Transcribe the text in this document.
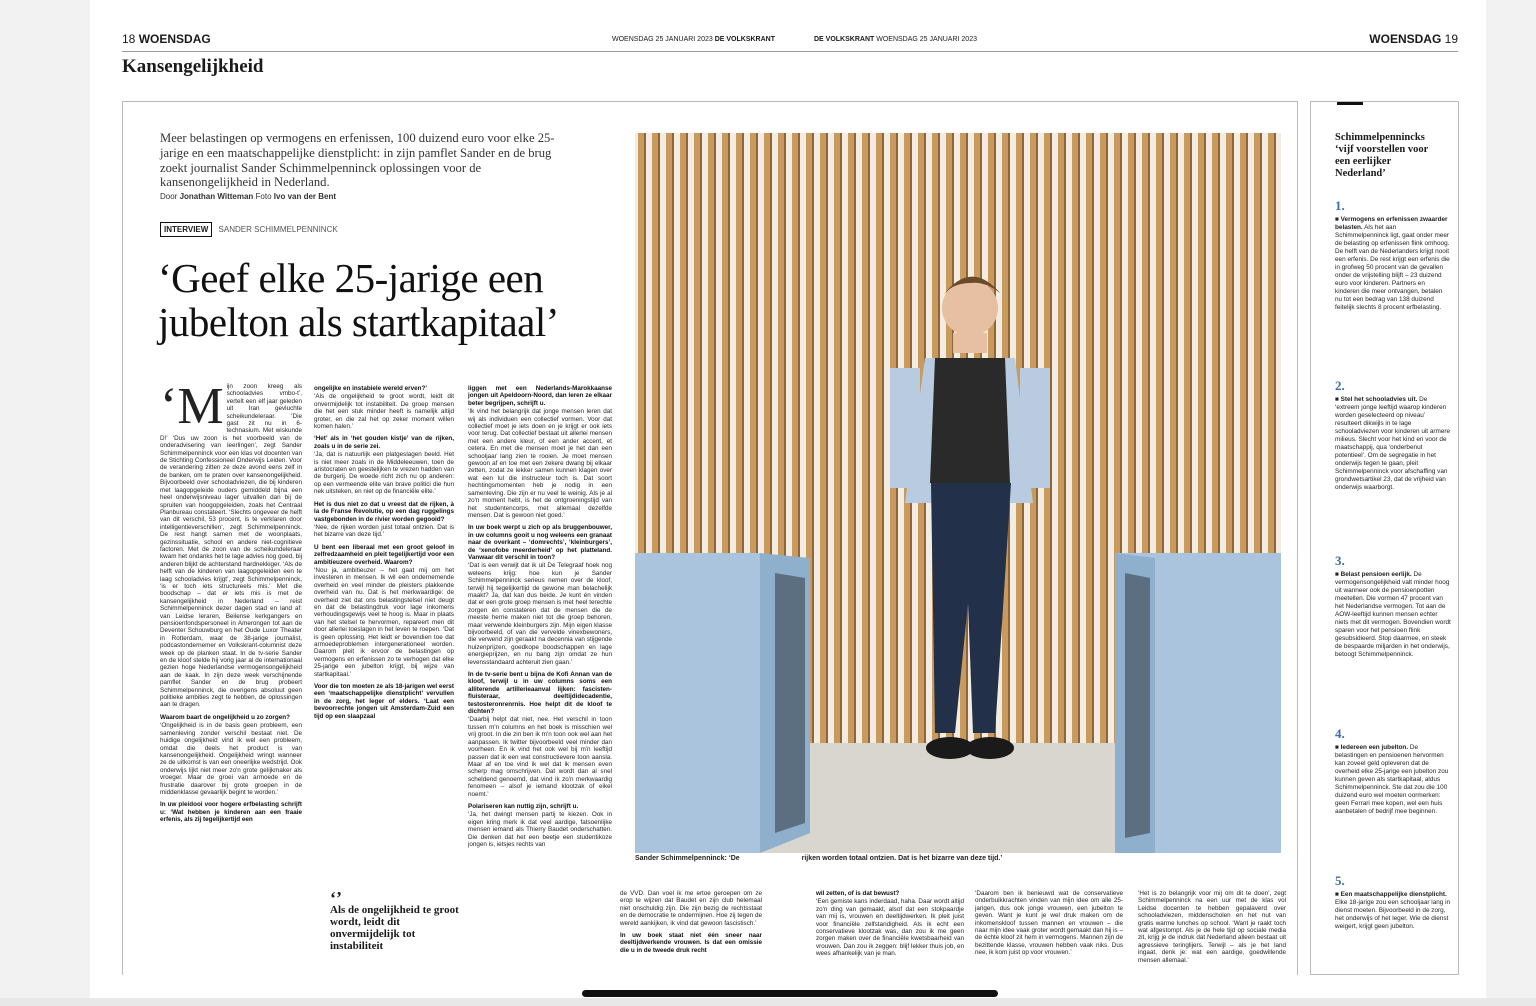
18 WOENSDAG	WOENSDAG 25 JANUARI 2023 DE VOLKSKRANT	DE VOLKSKRANT WOENSDAG 25 JANUARI 2023	WOENSDAG 19
Kansengelijkheid
Meer belastingen op vermogens en erfenissen, 100 duizend euro voor elke 25-jarige en een maatschappelijke dienstplicht: in zijn pamflet Sander en de brug zoekt journalist Sander Schimmelpenninck oplossingen voor de kansenongelijkheid in Nederland.
Door Jonathan Witteman Foto Ivo van der Bent
INTERVIEW SANDER SCHIMMELPENNINCK
‘Geef elke 25-jarige een jubelton als startkapitaal’
‘M ijn zoon kreeg als schooladvies vmbo-t’, vertelt een elf jaar geleden uit Iran gevluchte scheikundeleraar. ‘Die gast zit nu in 6-technasium. Met wiskunde D!’ ‘Dus uw zoon is het voorbeeld van de onderadvisering van leerlingen’, zegt Sander Schimmelpenninck voor een klas vol docenten van de Stichting Confessioneel Onderwijs Leiden. Voor de verandering zitten ze deze avond eens zelf in de banken, om te praten over kansenongelijkheid. Bijvoorbeeld over schooladviezen, die bij kinderen met laagopgeleide ouders gemiddeld bijna een heel onderwijsniveau lager uitvallen dan bij de spruiten van hoogopgeleiden, zoals het Centraal Planbureau constateert. ‘Slechts ongeveer de helft van dit verschil, 53 procent, is te verklaren door intelligentieverschillen’, zegt Schimmelpenninck. De rest hangt samen met de woonplaats, gezinssituatie, school en andere niet-cognitieve factoren. Met de zoon van de scheikundeleraar kwam het ondanks het te lage advies nog goed, bij anderen blijkt de achterstand hardnekkiger. ‘Als de helft van de kinderen van laagopgeleiden een te laag schooladvies krijgt’, zegt Schimmelpenninck, ‘is er toch iets structureels mis.’ Met die boodschap – dat er iets mis is met de kansengelijkheid in Nederland – reist Schimmelpenninck dezer dagen stad en land af: van Leidse leraren, Beilense kerkgangers en pensioenfondspersoneel in Amerongen tot aan de Deventer Schouwburg en het Oude Luxor Theater in Rotterdam, waar de 38-jarige journalist, podcastondernemer en Volkskrant-columnist deze week op de planken staat. In de tv-serie Sander en de kloof stelde hij vorig jaar al de internationaal gezien hoge Nederlandse vermogensongelijkheid aan de kaak. In zijn deze week verschijnende pamflet Sander en de brug probeert Schimmelpenninck, die overigens absoluut geen politieke ambities zegt te hebben, de oplossingen aan te dragen.

Waarom baart de ongelijkheid u zo zorgen?

‘Ongelijkheid is in de basis geen probleem, een samenleving zonder verschil bestaat niet. De huidige ongelijkheid vind ik wel een probleem, omdat die deels het product is van kansenongelijkheid. Ongelijkheid wringt wanneer ze de uitkomst is van een oneerlijke wedstrijd. Ook onderwijs lijkt niet meer zo'n grote gelijkmaker als vroeger. Maar de groei van armoede en de frustratie daarover bij grote groepen in de middenklasse gevaarlijk begint te worden.’

In uw pleidooi voor hogere erfbelasting schrijft u: ‘Wat hebben je kinderen aan een fraaie erfenis, als zij tegelijkertijd een

ongelijke en instabiele wereld erven?’

‘Als de ongelijkheid te groot wordt, leidt dit onvermijdelijk tot instabiliteit. De groep mensen die het een stuk minder heeft is namelijk altijd groter, en die zal het op zeker moment willen komen halen.’

‘Het’ als in ‘het gouden kistje’ van de rijken, zoals u in de serie zei.

‘Ja, dat is natuurlijk een platgeslagen beeld. Het is niet meer zoals in de Middeleeuwen, toen de aristocraten en geestelijken te vrezen hadden van de burgerij. De woede richt zich nu op anderen: op een vermeende elite van brave politici die hun nek uitsteken, en niet op de financiële elite.’

Het is dus niet zo dat u vreest dat de rijken, à la de Franse Revolutie, op een dag ruggelings vastgebonden in de rivier worden gegooid?

‘Nee, de rijken worden juist totaal ontzien. Dat is het bizarre van deze tijd.’

U bent een liberaal met een groot geloof in zelfredzaamheid en pleit tegelijkertijd voor een ambitieuzere overheid. Waarom?

‘Nou ja, ambitieuzer – het gaat mij om het investeren in mensen. Ik wil een ondernemende overheid en veel minder de pleisters plakkende overheid van nu. Dat is het merkwaardige: de overheid ziet dat ons belastingstelsel niet deugt en dat de belastingdruk voor lage inkomens verhoudingsgewijs veel te hoog is. Maar in plaats van het stelsel te hervormen, repareert men dit door allerlei toeslagen in het leven te roepen. ‘Dat is geen oplossing. Het leidt er bovendien toe dat armoedeproblemen intergenerationeel worden. Daarom pleit ik ervoor de belastingen op vermogens en erfenissen zo te verhogen dat elke 25-jarige een jubelton krijgt, bij wijze van startkapitaal.’

Voor die ton moeten ze als 18-jarigen wel eerst een ‘maatschappelijke dienstplicht’ vervullen in de zorg, het leger of elders. ‘Laat een bevoorrechte jongen uit Amsterdam-Zuid een tijd op een slaapzaal

‘’
Als de ongelijkheid te groot wordt, leidt dit onvermijdelijk tot instabiliteit

liggen met een Nederlands-Marokkaanse jongen uit Apeldoorn-Noord, dan leren ze elkaar beter begrijpen, schrijft u.

‘Ik vind het belangrijk dat jonge mensen leren dat wij als individuen een collectief vormen. Voor dat collectief moet je iets doen en je krijgt er ook iets voor terug. Dat collectief bestaat uit allerlei mensen met een andere kleur, of een ander accent, et cetera. En met die mensen moet je het dan een schooljaar lang zien te rooien. Je moet mensen gewoon af en toe met een zekere dwang bij elkaar zetten, zodat ze lekker samen kunnen klagen over wat een lul die instructeur toch is. Dat soort hechtingsmomenten heb je nodig in een samenleving. Die zijn er nu veel te weinig. Als je al zo'n moment hebt, is het de ontgroeningstijd van het studentencorps, met allemaal dezelfde mensen. Dat is gewoon niet goed.’

In uw boek werpt u zich op als bruggenbouwer, in uw columns gooit u nog weleens een granaat naar de overkant – ‘domrechts’, ‘kleinburgers’, de ‘xenofobe meerderheid’ op het platteland. Vanwaar dit verschil in toon?

‘Dat is een verwijt dat ik uit De Telegraaf hoek nog weleens krijg: hoe kun je Sander Schimmelpenninck serieus nemen over de kloof, terwijl hij tegelijkertijd de gewone man belachelijk maakt? Ja, dat kan dus beide. Je kunt én vinden dat er een grote groep mensen is met heel terechte zorgen én constateren dat de mensen die de meeste herrie maken niet tot die groep behoren, maar verwende kleinburgers zijn. Mijn eigen klasse bijvoorbeeld, of van die vervelde vinexbewoners, die verwend zijn geraakt na decennia van stijgende huizenprijzen, goedkope boodschappen en lage energieprijzen, en nu bang zijn omdat ze hun levensstandaard achteruit zien gaan.’

In de tv-serie bent u bijna de Kofi Annan van de kloof, terwijl u in uw columns soms een alliterende artillerieaanval lijken: fascisten-fluisteraar, deeltijdidecadentie, testosteronrenrnis. Hoe helpt dit de kloof te dichten?

‘Daarbij helpt dat niet, nee. Het verschil in toon tussen m'n columns en het boek is misschien wel vrij groot. In die zin ben ik m'n toon ook wel aan het aanpassen. Ik twitter bijvoorbeeld veel minder dan voorheen. En ik vind het ook wel bij m'n leeftijd passen dat ik een wat constructievere toon aansla. Maar af en toe vind ik wel dat ik mensen even scherp mag omschrijven. Dat wordt dan al snel scheldend genoemd, dat vind ik zo'n merkwaardig fenomeen – alsof je iemand klootzak of eikel noemt.’

Polariseren kan nuttig zijn, schrijft u.

‘Ja, het dwingt mensen partij te kiezen. Ook in eigen kring merk ik dat veel aardige, fatsoenlijke mensen iemand als Thierry Baudet onderschatten. Die denken dat het een beetje een studentikoze jongen is, ietsjes rechts van

Sander Schimmelpenninck: ‘De	rijken worden totaal ontzien. Dat is het bizarre van deze tijd.’

de VVD. Dan voel ik me ertoe geroepen om ze erop te wijzen dat Baudet en zijn club helemaal niet onschuldig zijn. Die zijn bezig de rechtsstaat en de democratie te ondermijnen. Hoe zij tegen de wereld aankijken, ik vind dat gewoon fascistisch.’

In uw boek staat niet één sneer naar deeltijdwerkende vrouwen. Is dat een omissie die u in de tweede druk recht

wil zetten, of is dat bewust?

‘Een gemiste kans inderdaad, haha. Daar wordt altijd zo'n ding van gemaakt, alsof dat een stokpaardje van mij is, vrouwen en deeltijdwerken. Ik pleit juist voor financiële zelfstandigheid. Als ik echt een conservatieve klootzak was, dan zou ik me geen zorgen maken over de financiële kwetsbaarheid van vrouwen. Dan zou ik zeggen: blijf lekker thuis job, en wees afhankelijk van je man.

‘Daarom ben ik benieuwd wat de conservatieve onderbuikkrachten vinden van mijn idee om alle 25-jarigen, dus ook jonge vrouwen, een jubelton te geven. Want je kunt je wel druk maken om de inkomenskloof tussen mannen en vrouwen – die naar mijn idee vaak groter wordt gemaakt dan hij is – de échte kloof zit hem in vermogens. Mannen zijn de bezittende klasse, vrouwen hebben vaak niks. Dus nee, ik kom juist op voor vrouwen.’

‘Het is zo belangrijk voor mij om dit te doen’, zegt Schimmelpenninck na een uur met de klas vol Leidse docenten te hebben gepalaverd over schooladviezen, middenscholen en het nut van gratis warme lunches op school. ‘Want je raakt toch wat afgestompt. Als je de hele tijd op sociale media zit, krijg je de indruk dat Nederland alleen bestaat uit agressieve teringlijers. Terwijl – als je het land ingaat, denk je: wat een aardige, goedwillende mensen allemaal.’

Schimmelpennincks ‘vijf voorstellen voor een eerlijker Nederland’
1.
■ Vermogens en erfenissen zwaarder belasten. Als het aan Schimmelpenninck ligt, gaat onder meer de belasting op erfenissen flink omhoog. De helft van de Nederlanders krijgt nooit een erfenis. De rest krijgt een erfenis die in grofweg 50 procent van de gevallen onder de vrijstelling blijft – 23 duizend euro voor kinderen. Partners en kinderen die meer ontvangen, betalen nu tot een bedrag van 138 duizend feitelijk slechts 8 procent erfbelasting.
2.
■ Stel het schooladvies uit. De ‘extreem jonge leeftijd waarop kinderen worden geselecteerd op niveau’ resulteert dikwijls in te lage schooladviezen voor kinderen uit armere milieus. Slecht voor het kind en voor de maatschappij, qua ‘onderbenut potentieel’. Om de segregatie in het onderwijs tegen te gaan, pleit Schimmelpenninck voor afschaffing van grondwetsartikel 23, dat de vrijheid van onderwijs waarborgt.
3.
■ Belast pensioen eerlijk. De vermogensongelijkheid valt minder hoog uit wanneer ook de pensioenpotten meetellen. Die vormen 47 procent van het Nederlandse vermogen. Tot aan de AOW-leeftijd kunnen mensen echter niets met dit vermogen. Bovendien wordt sparen voor het pensioen flink gesubsidieerd. Stop daarmee, en steek de bespaarde miljarden in het onderwijs, betoogt Schimmelpenninck.
4.
■ Iedereen een jubelton. De belastingen en pensioenen hervormen kan zoveel geld opleveren dat de overheid elke 25-jarige een jubelton zou kunnen geven als startkapitaal, aldus Schimmelpenninck. Ste dat zou die 100 duizend euro wel moeten oormerken: geen Ferrari mee kopen, wel een huis aanbetalen of bedrijf mee beginnen.
5.
■ Een maatschappelijke dienstplicht. Elke 18-jarige zou een schooljaar lang in dienst moeten. Bijvoorbeeld in de zorg, het onderwijs of het leger. Wie de dienst weigert, krijgt geen jubelton.
